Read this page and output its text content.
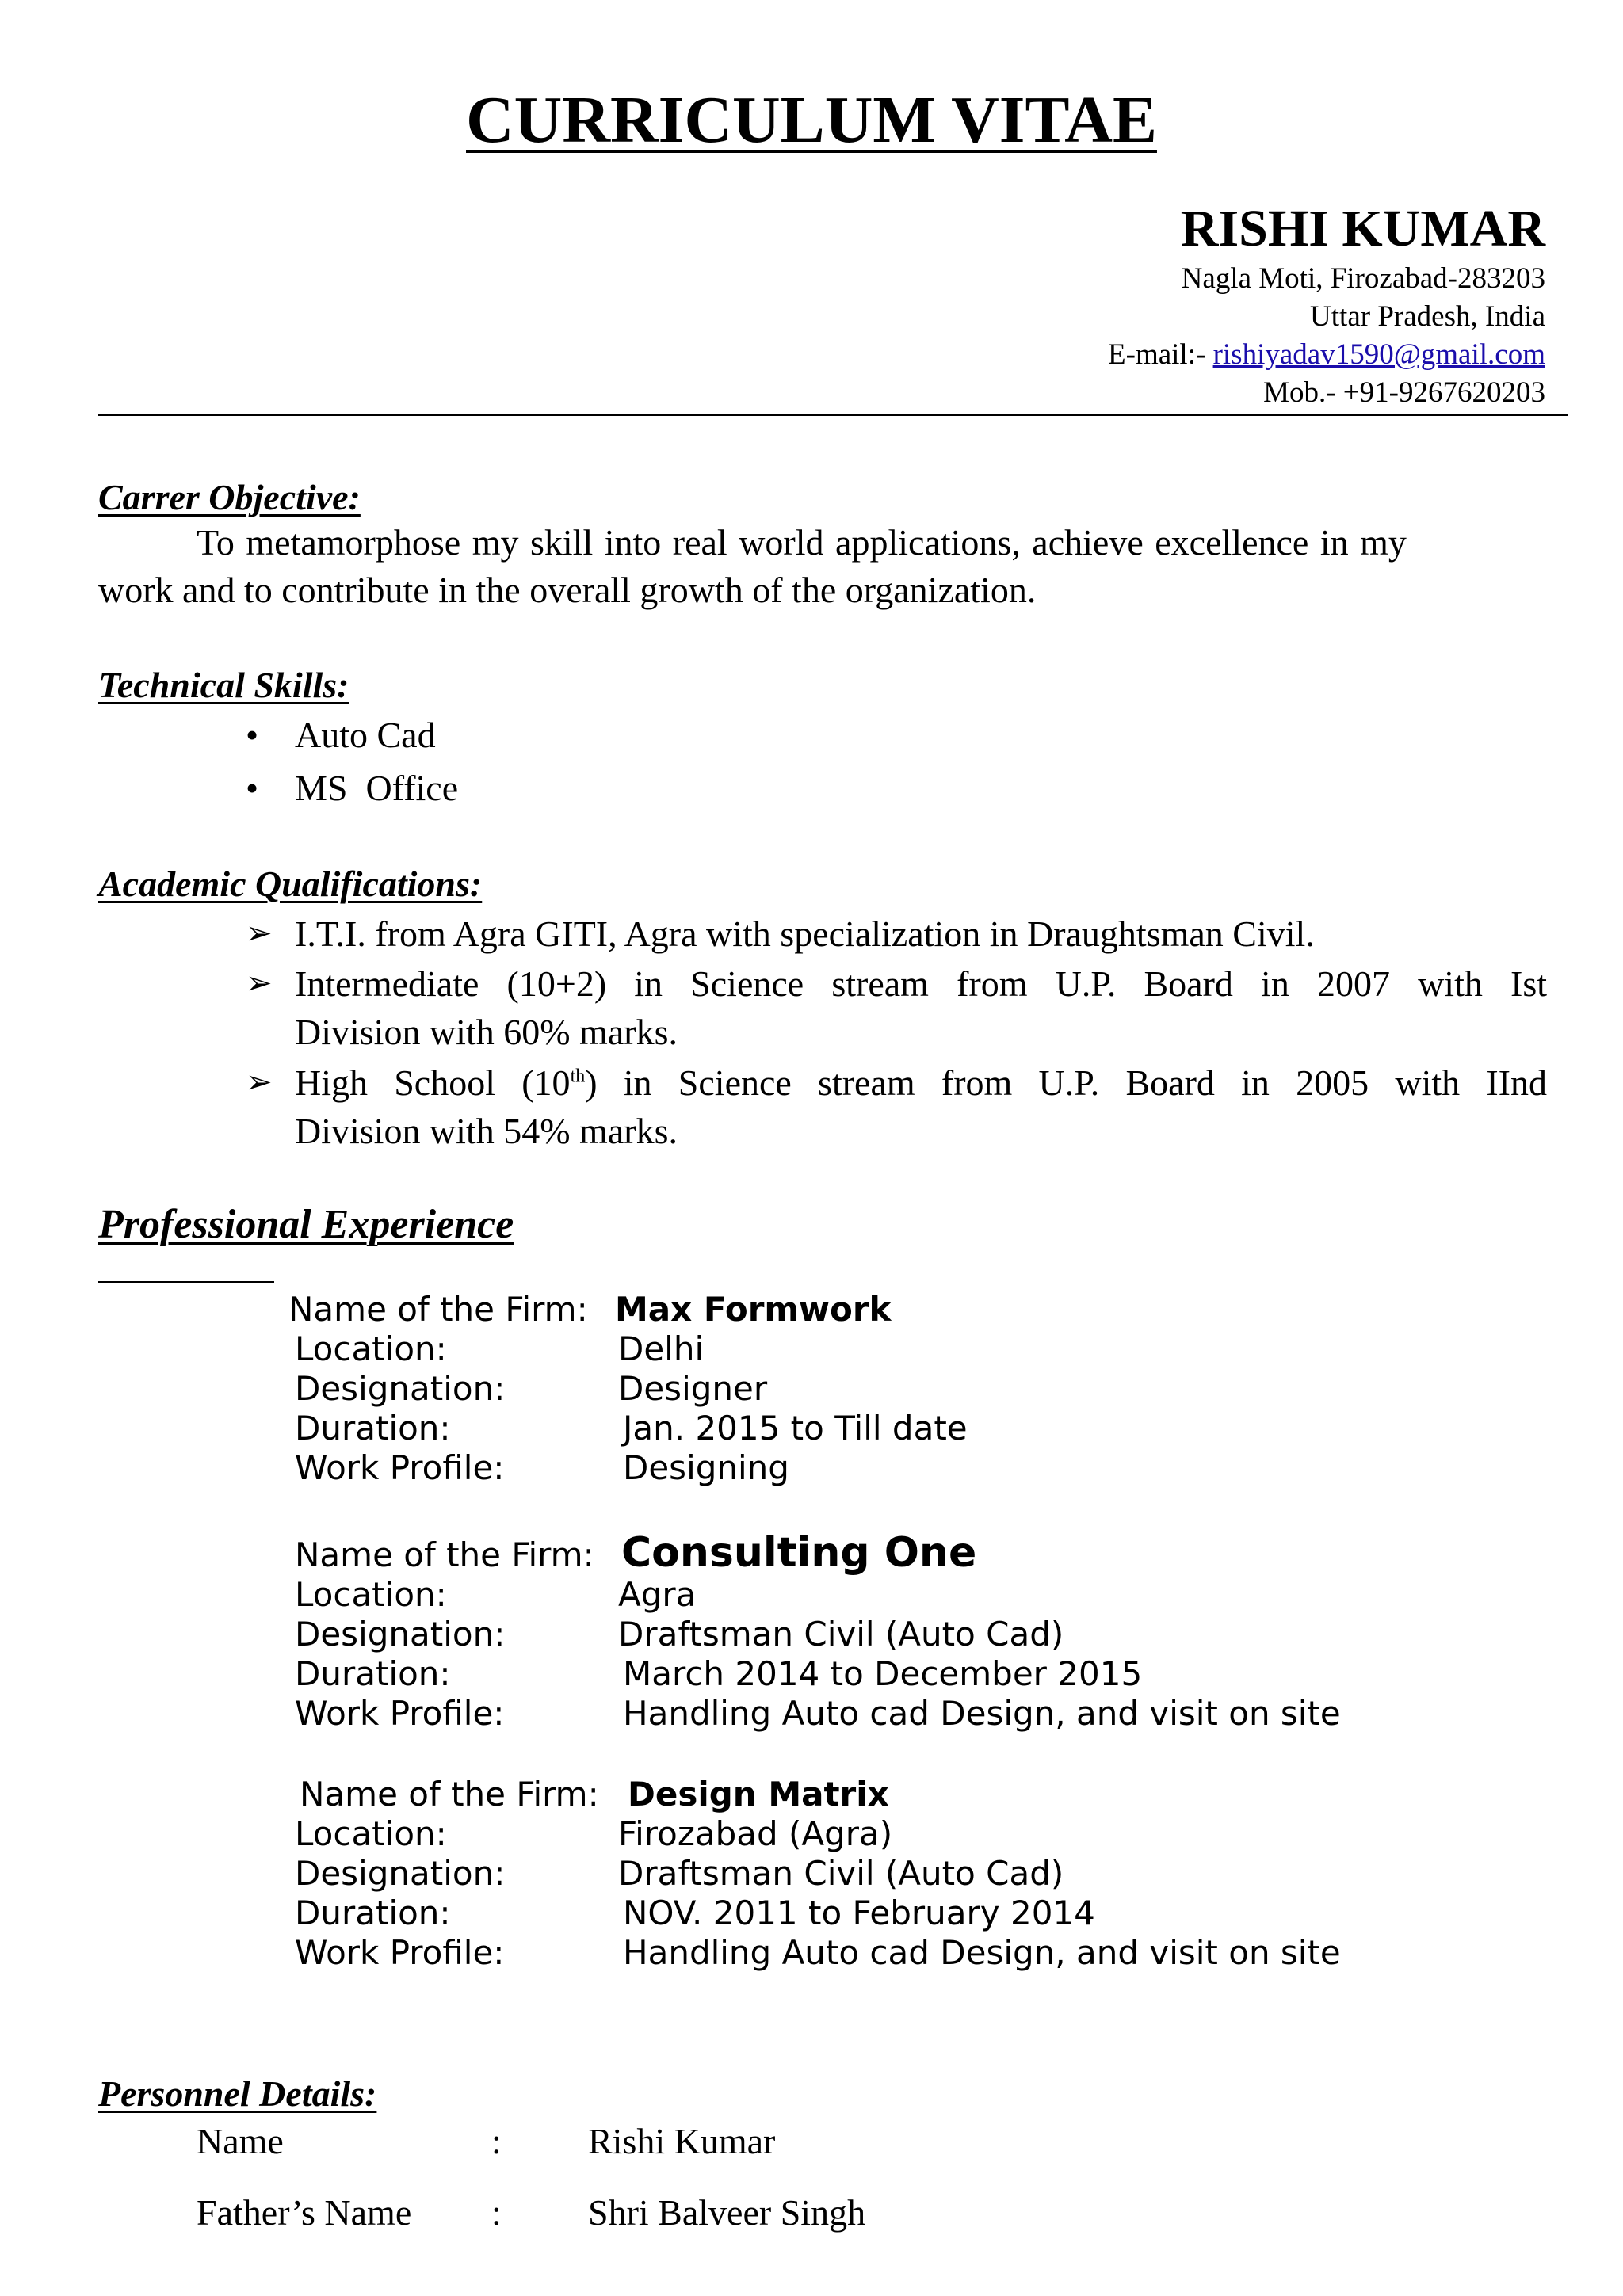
CURRICULUM VITAE
RISHI KUMAR
Nagla Moti, Firozabad-283203
Uttar Pradesh, India
E-mail:- rishiyadav1590@gmail.com
Mob.- +91-9267620203
Carrer Objective:
To metamorphose my skill into real world applications, achieve excellence in my
work and to contribute in the overall growth of the organization.
Technical Skills:
• Auto Cad
• MS  Office
Academic Qualifications:
➢ I.T.I. from Agra GITI, Agra with specialization in Draughtsman Civil.
➢ Intermediate (10+2) in Science stream from U.P. Board in 2007 with Ist
Division with 60% marks.
➢ High School (10th) in Science stream from U.P. Board in 2005 with IInd
Division with 54% marks.
Professional Experience
Name of the Firm: Max Formwork
Location:	Delhi
Designation:	Designer
Duration:	Jan. 2015 to Till date
Work Profile:	Designing
Name of the Firm: Consulting One
Location:	Agra
Designation:	Draftsman Civil (Auto Cad)
Duration:	March 2014 to December 2015
Work Profile:	Handling Auto cad Design, and visit on site
Name of the Firm: Design Matrix
Location:	Firozabad (Agra)
Designation:	Draftsman Civil (Auto Cad)
Duration:	NOV. 2011 to February 2014
Work Profile:	Handling Auto cad Design, and visit on site
Personnel Details:
Name	: Rishi Kumar
Father’s Name : Shri Balveer Singh
